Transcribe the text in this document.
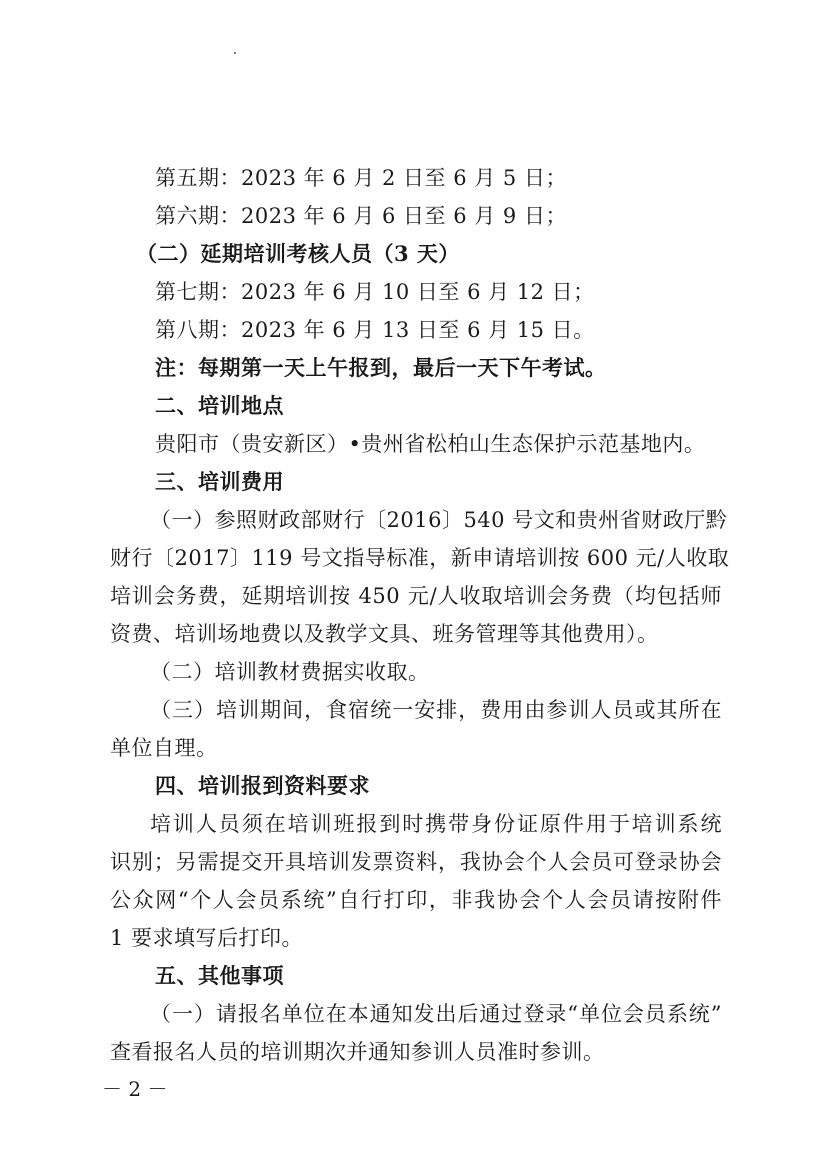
第五期：2023 年 6 月 2 日至 6 月 5 日；
第六期：2023 年 6 月 6 日至 6 月 9 日；
（二）延期培训考核人员（3 天）
第七期：2023 年 6 月 10 日至 6 月 12 日；
第八期：2023 年 6 月 13 日至 6 月 15 日。
注：每期第一天上午报到，最后一天下午考试。
二、培训地点
贵阳市（贵安新区）•贵州省松柏山生态保护示范基地内。
三、培训费用
（一）参照财政部财行〔2016〕540 号文和贵州省财政厅黔
财行〔2017〕119 号文指导标准，新申请培训按 600 元/人收取
培训会务费，延期培训按 450 元/人收取培训会务费（均包括师
资费、培训场地费以及教学文具、班务管理等其他费用）。
（二）培训教材费据实收取。
（三）培训期间，食宿统一安排，费用由参训人员或其所在
单位自理。
四、培训报到资料要求
培训人员须在培训班报到时携带身份证原件用于培训系统
识别；另需提交开具培训发票资料，我协会个人会员可登录协会
公众网“个人会员系统”自行打印，非我协会个人会员请按附件
1 要求填写后打印。
五、其他事项
（一）请报名单位在本通知发出后通过登录“单位会员系统”
查看报名人员的培训期次并通知参训人员准时参训。
－ 2 －
